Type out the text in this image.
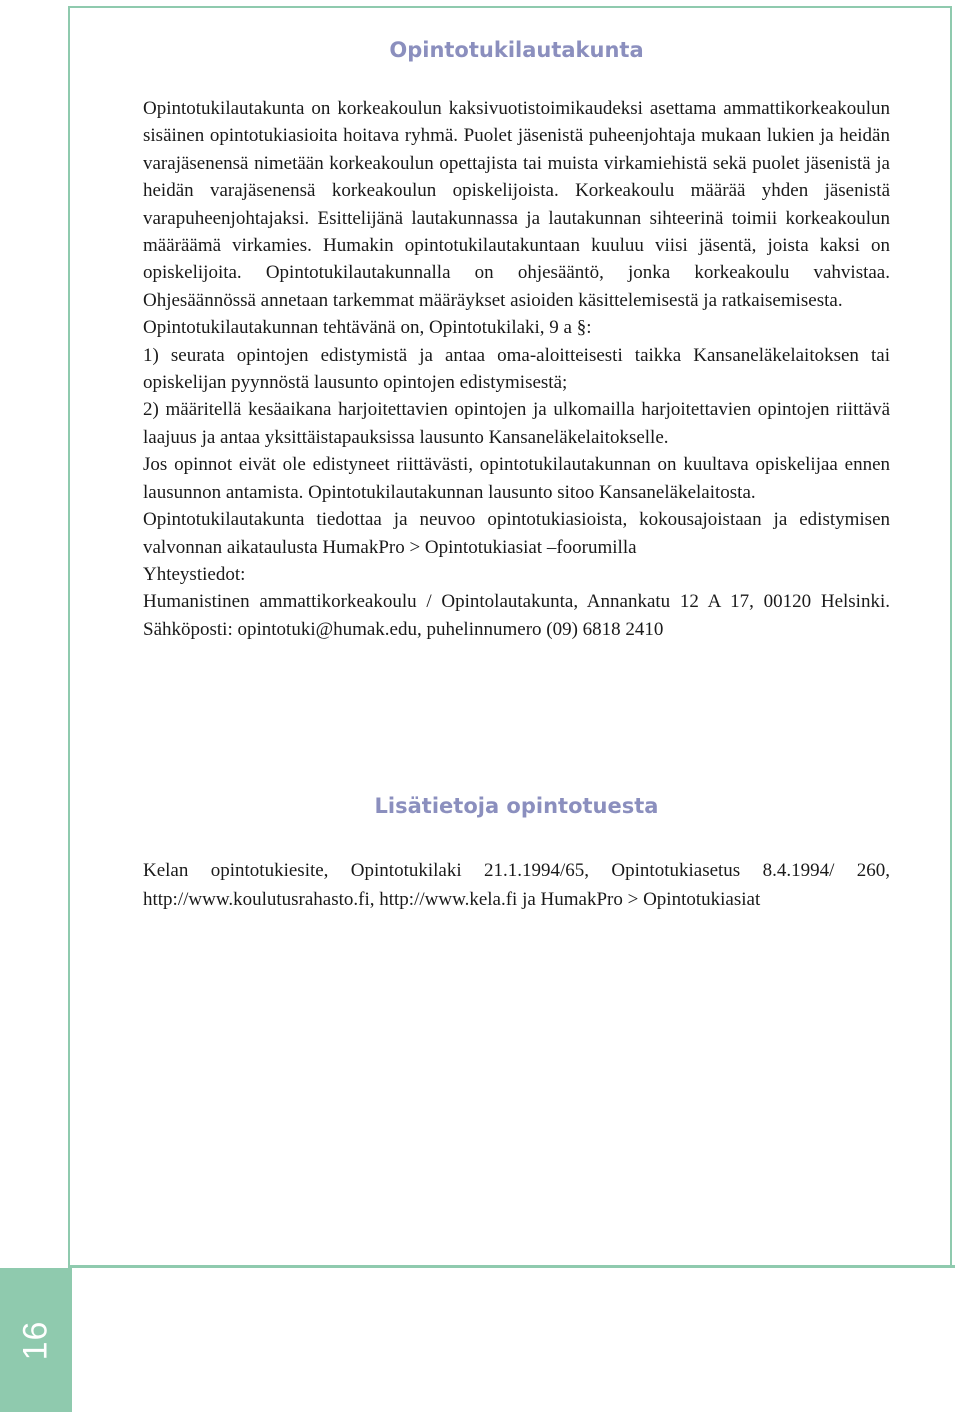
Opintotukilautakunta

Opintotukilautakunta on korkeakoulun kaksivuotistoimikaudeksi asettama ammattikorkeakoulun sisäinen opintotukiasioita hoitava ryhmä. Puolet jäsenistä puheenjohtaja mukaan lukien ja heidän varajäsenensä nimetään korkeakoulun opettajista tai muista virkamiehistä sekä puolet jäsenistä ja heidän varajäsenensä korkeakoulun opiskelijoista. Korkeakoulu määrää yhden jäsenistä varapuheenjohtajaksi. Esittelijänä lautakunnassa ja lautakunnan sihteerinä toimii korkeakoulun määräämä virkamies. Humakin opintotukilautakuntaan kuuluu viisi jäsentä, joista kaksi on opiskelijoita. Opintotukilautakunnalla on ohjesääntö, jonka korkeakoulu vahvistaa. Ohjesäännössä annetaan tarkemmat määräykset asioiden käsittelemisestä ja ratkaisemisesta.

Opintotukilautakunnan tehtävänä on, Opintotukilaki, 9 a §:

1) seurata opintojen edistymistä ja antaa oma-aloitteisesti taikka Kansaneläkelaitoksen tai opiskelijan pyynnöstä lausunto opintojen edistymisestä;

2) määritellä kesäaikana harjoitettavien opintojen ja ulkomailla harjoitettavien opintojen riittävä laajuus ja antaa yksittäistapauksissa lausunto Kansaneläkelaitokselle.

Jos opinnot eivät ole edistyneet riittävästi, opintotukilautakunnan on kuultava opiskelijaa ennen lausunnon antamista. Opintotukilautakunnan lausunto sitoo Kansaneläkelaitosta.

Opintotukilautakunta tiedottaa ja neuvoo opintotukiasioista, kokousajoistaan ja edistymisen valvonnan aikataulusta HumakPro > Opintotukiasiat –foorumilla

Yhteystiedot:

Humanistinen ammattikorkeakoulu / Opintolautakunta, Annankatu 12 A 17, 00120 Helsinki. Sähköposti: opintotuki@humak.edu, puhelinnumero (09) 6818 2410

Lisätietoja opintotuesta

Kelan opintotukiesite, Opintotukilaki 21.1.1994/65, Opintotukiasetus 8.4.1994/ 260, http://www.koulutusrahasto.fi, http://www.kela.fi ja HumakPro > Opintotukiasiat

16
